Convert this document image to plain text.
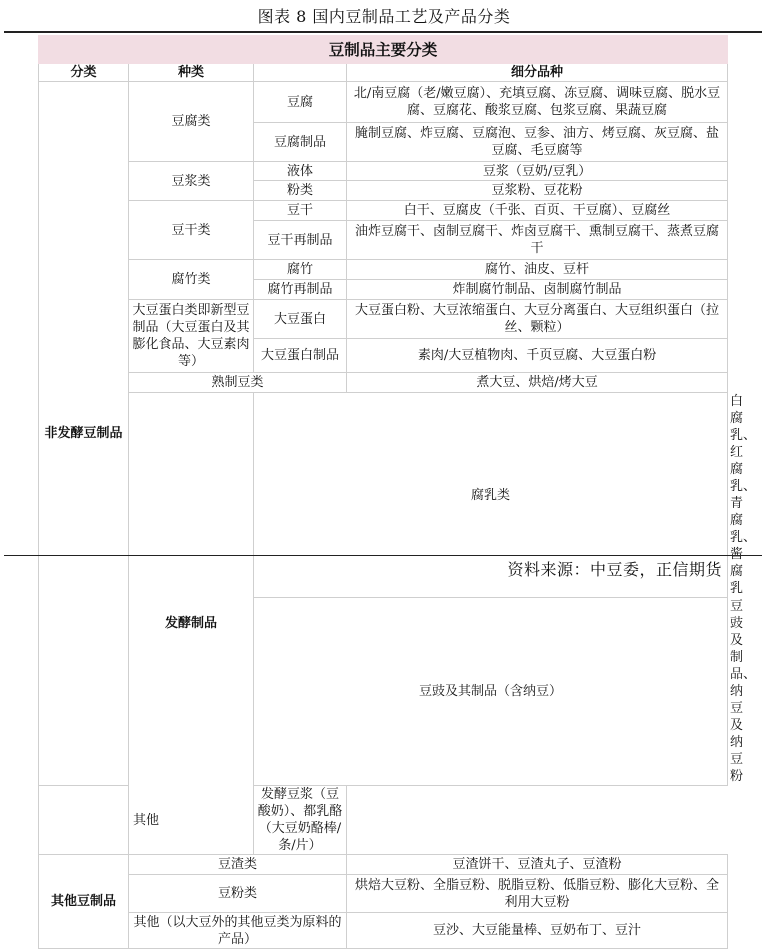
图表 8 国内豆制品工艺及产品分类
豆制品主要分类				
分类	种类		细分品种	
非发酵豆制品	豆腐类	豆腐	北/南豆腐（老/嫩豆腐）、充填豆腐、冻豆腐、调味豆腐、脱水豆腐、豆腐花、酸浆豆腐、包浆豆腐、果蔬豆腐	
		豆腐制品	腌制豆腐、炸豆腐、豆腐泡、豆参、油方、烤豆腐、灰豆腐、盐豆腐、毛豆腐等	
	豆浆类	液体	豆浆（豆奶/豆乳）	
		粉类	豆浆粉、豆花粉	
	豆干类	豆干	白干、豆腐皮（千张、百页、干豆腐）、豆腐丝	
		豆干再制品	油炸豆腐干、卤制豆腐干、炸卤豆腐干、熏制豆腐干、蒸煮豆腐干	
	腐竹类	腐竹	腐竹、油皮、豆杆	
		腐竹再制品	炸制腐竹制品、卤制腐竹制品	
	大豆蛋白类即新型豆制品（大豆蛋白及其膨化食品、大豆素肉等）	大豆蛋白	大豆蛋白粉、大豆浓缩蛋白、大豆分离蛋白、大豆组织蛋白（拉丝、颗粒）	
		大豆蛋白制品	素肉/大豆植物肉、千页豆腐、大豆蛋白粉	
	熟制豆类		煮大豆、烘焙/烤大豆	
	发酵制品	腐乳类		白腐乳、红腐乳、青腐乳、酱腐乳
		豆豉及其制品（含纳豆）		豆豉及制品、纳豆及纳豆粉
其他		发酵豆浆（豆酸奶）、都乳酪（大豆奶酪棒/条/片）		
其他豆制品	豆渣类		豆渣饼干、豆渣丸子、豆渣粉	
	豆粉类		烘焙大豆粉、全脂豆粉、脱脂豆粉、低脂豆粉、膨化大豆粉、全利用大豆粉	
	其他（以大豆外的其他豆类为原料的产品）		豆沙、大豆能量棒、豆奶布丁、豆汁	
资料来源：中豆委，正信期货
